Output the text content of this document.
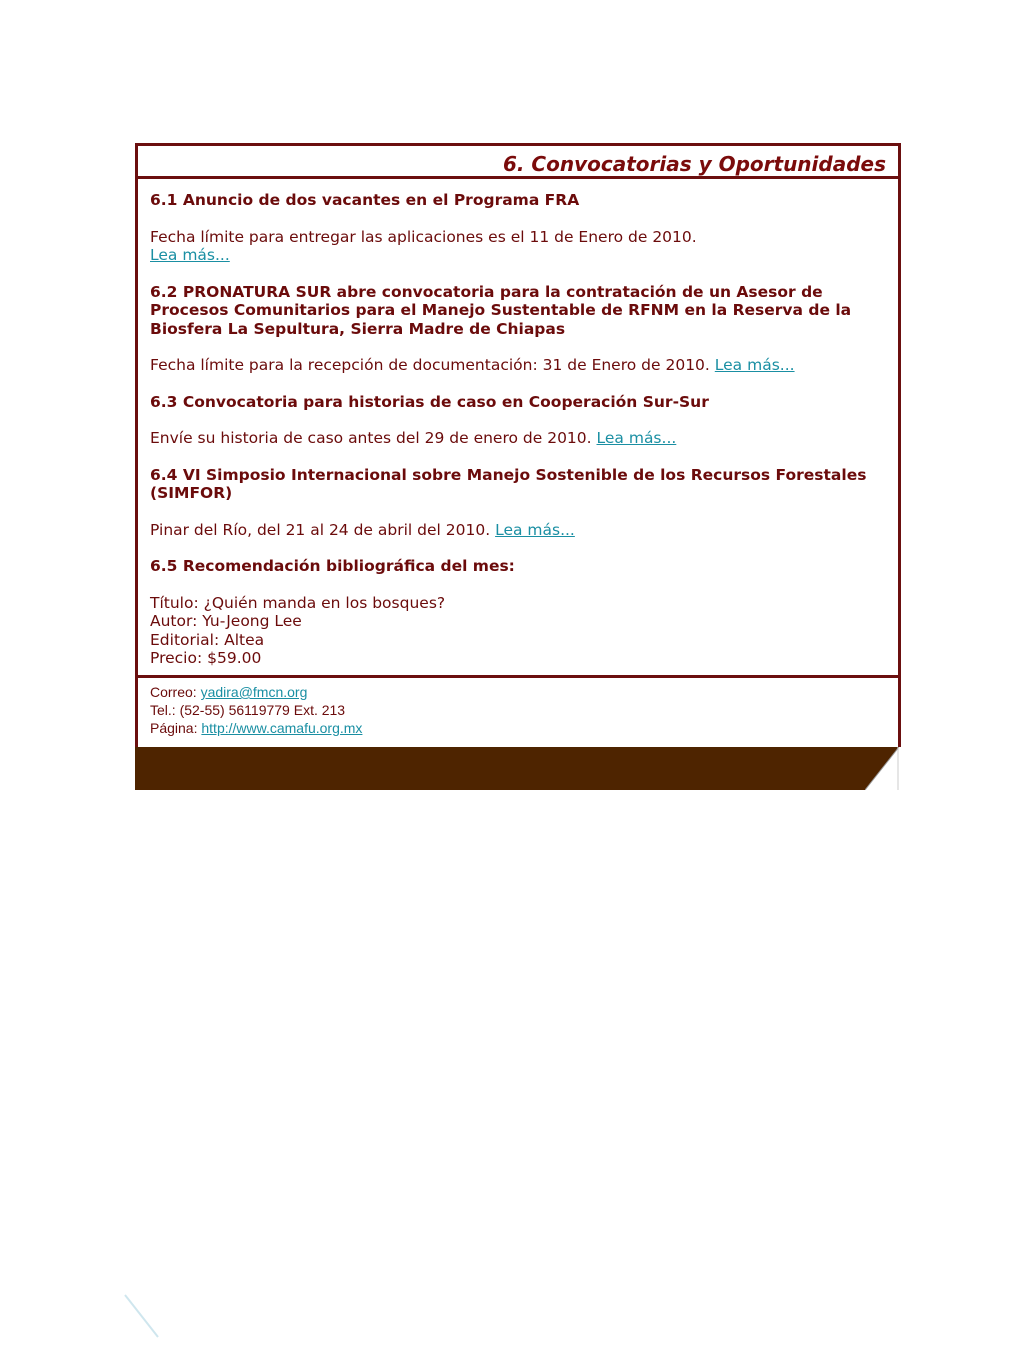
6. Convocatorias y Oportunidades

6.1 Anuncio de dos vacantes en el Programa FRA

Fecha límite para entregar las aplicaciones es el 11 de Enero de 2010.
Lea más...

6.2 PRONATURA SUR abre convocatoria para la contratación de un Asesor de Procesos Comunitarios para el Manejo Sustentable de RFNM en la Reserva de la Biosfera La Sepultura, Sierra Madre de Chiapas

Fecha límite para la recepción de documentación: 31 de Enero de 2010. Lea más...

6.3 Convocatoria para historias de caso en Cooperación Sur-Sur

Envíe su historia de caso antes del 29 de enero de 2010. Lea más...

6.4 VI Simposio Internacional sobre Manejo Sostenible de los Recursos Forestales (SIMFOR)

Pinar del Río, del 21 al 24 de abril del 2010. Lea más...

6.5 Recomendación bibliográfica del mes:

Título: ¿Quién manda en los bosques?
Autor: Yu-Jeong Lee
Editorial: Altea
Precio: $59.00

Correo: yadira@fmcn.org
Tel.: (52-55) 56119779 Ext. 213
Página: http://www.camafu.org.mx
